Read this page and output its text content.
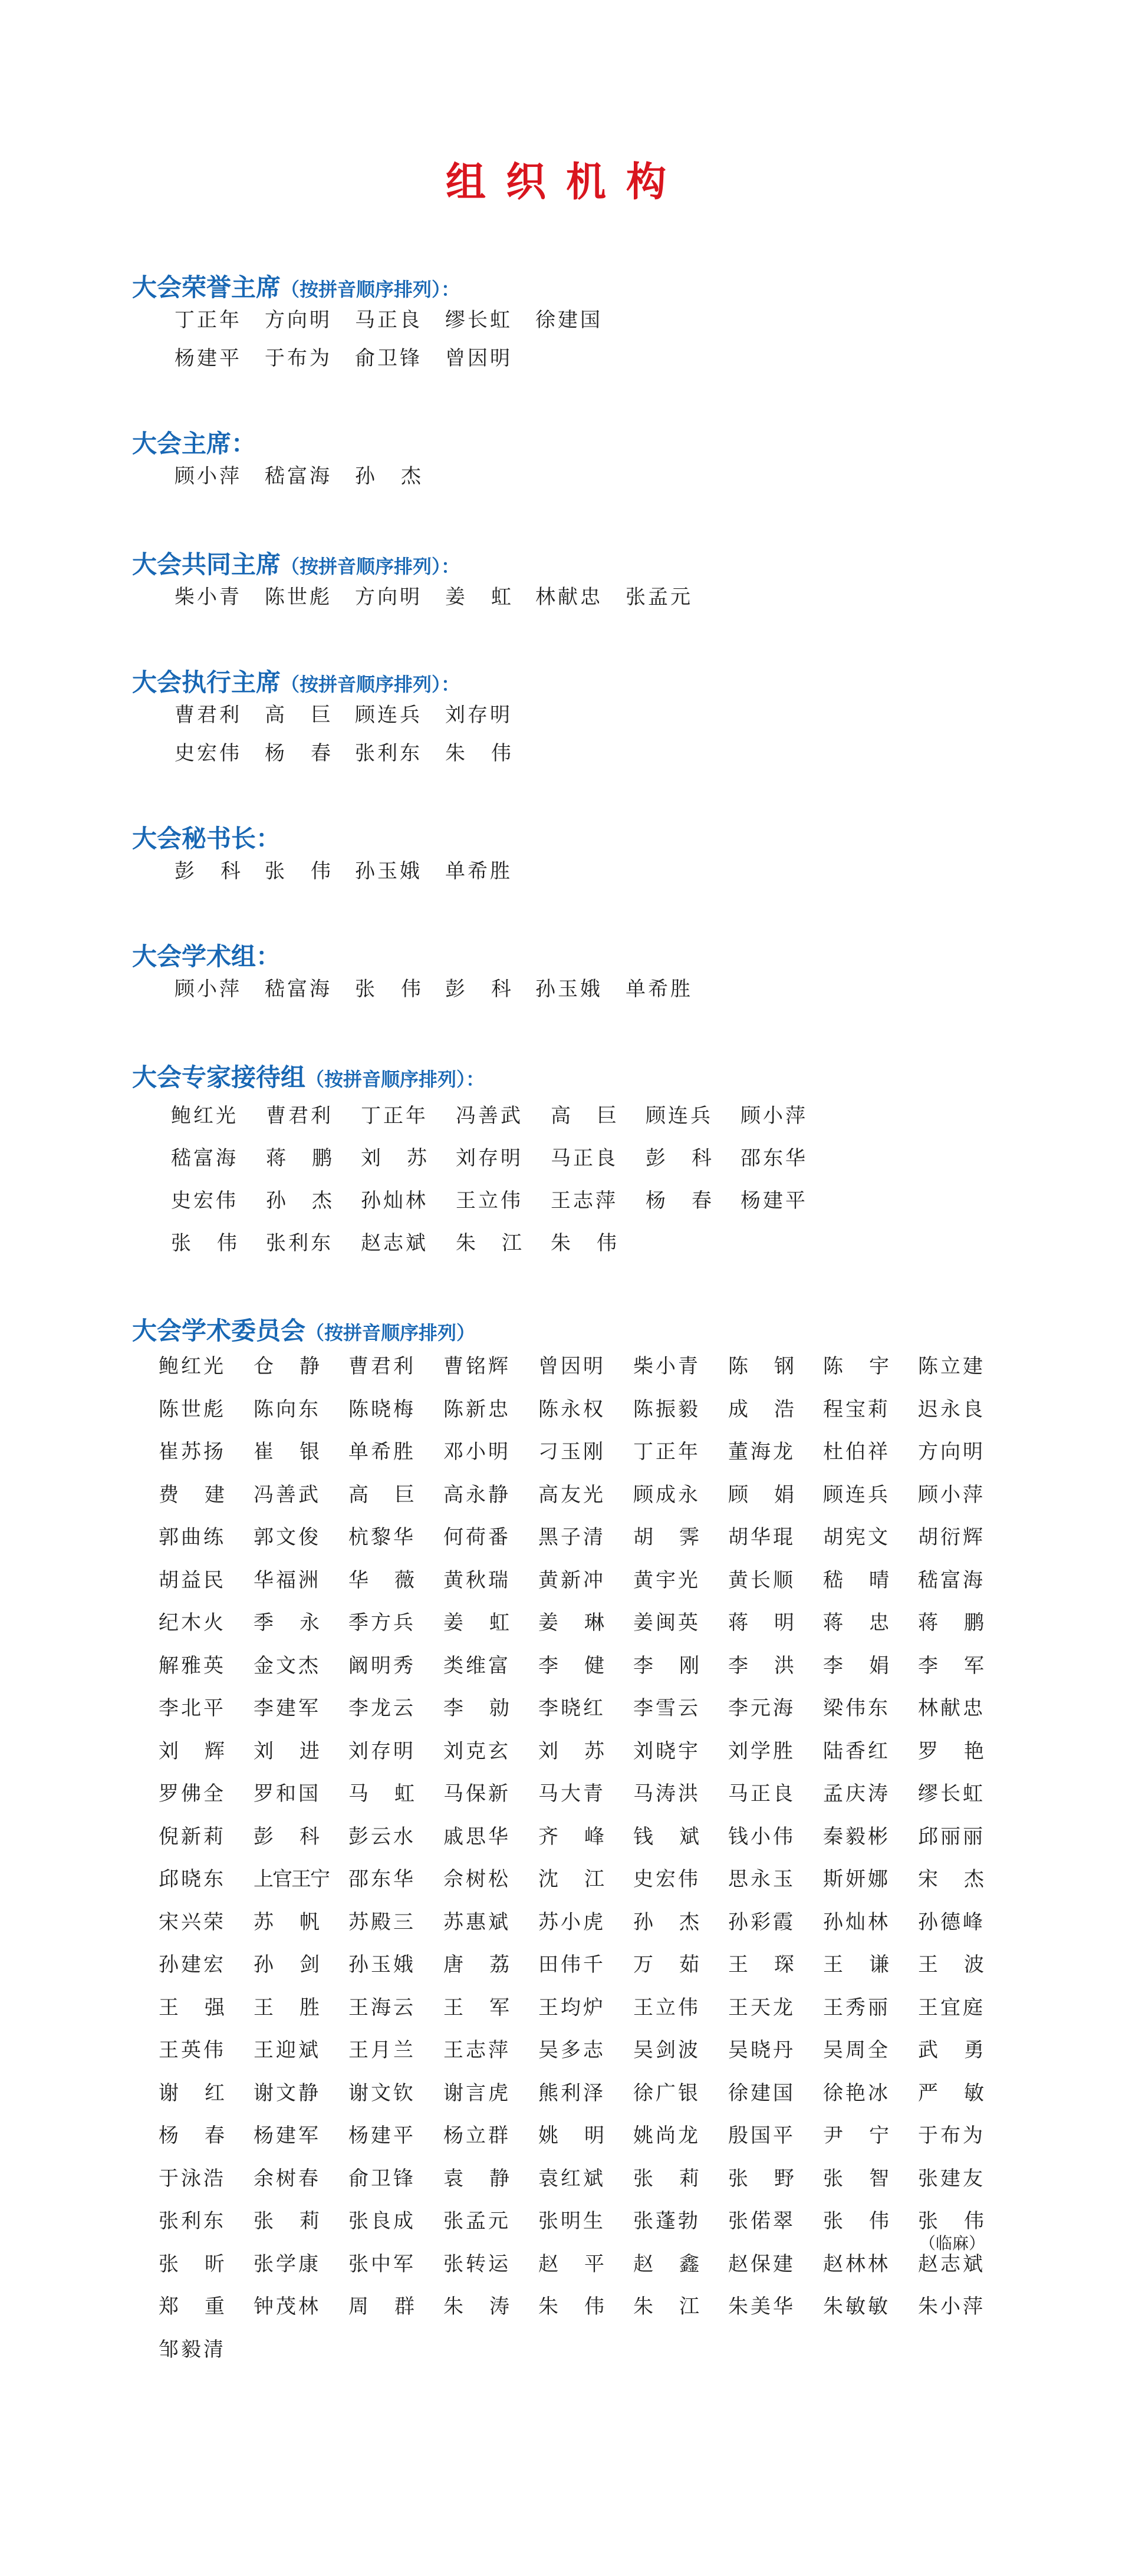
组织机构
大会荣誉主席（按拼音顺序排列）：
丁正年 方向明 马正良 缪长虹 徐建国
杨建平 于布为 俞卫锋 曾因明
大会主席：
顾小萍 嵇富海 孙杰
大会共同主席（按拼音顺序排列）：
柴小青 陈世彪 方向明 姜虹
林献忠 张孟元
大会执行主席（按拼音顺序排列）：
曹君利 高巨
顾连兵 刘存明
史宏伟 杨春
张利东 朱伟
大会秘书长：
彭科
张伟
孙玉娥 单希胜
大会学术组：
顾小萍 嵇富海 张伟
彭科
孙玉娥 单希胜
大会专家接待组（按拼音顺序排列）：
鲍红光 曹君利 丁正年 冯善武 高巨 顾连兵 顾小萍
嵇富海 蒋鹏 刘苏 刘存明 马正良 彭科 邵东华
史宏伟 孙杰 孙灿林 王立伟 王志萍 杨春 杨建平
张伟 张利东 赵志斌 朱江 朱伟
大会学术委员会（按拼音顺序排列）
鲍红光 仓静 曹君利 曹铭辉 曾因明 柴小青 陈钢 陈宇 陈立建
陈世彪 陈向东 陈晓梅 陈新忠 陈永权 陈振毅 成浩 程宝莉 迟永良
崔苏扬 崔银 单希胜 邓小明 刁玉刚 丁正年 董海龙 杜伯祥 方向明
费建 冯善武 高巨 高永静 高友光 顾成永 顾娟 顾连兵 顾小萍
郭曲练 郭文俊 杭黎华 何荷番 黑子清 胡霁 胡华琨 胡宪文 胡衍辉
胡益民 华福洲 华薇 黄秋瑞 黄新冲 黄宇光 黄长顺 嵇晴 嵇富海
纪木火 季永 季方兵 姜虹 姜琳 姜闽英 蒋明 蒋忠 蒋鹏
解雅英 金文杰 阚明秀 类维富 李健 李刚 李洪 李娟 李军
李北平 李建军 李龙云 李勍 李晓红 李雪云 李元海 梁伟东 林献忠
刘辉 刘进 刘存明 刘克玄 刘苏 刘晓宇 刘学胜 陆香红 罗艳
罗佛全 罗和国 马虹 马保新 马大青 马涛洪 马正良 孟庆涛 缪长虹
倪新莉 彭科 彭云水 戚思华 齐峰 钱斌 钱小伟 秦毅彬 邱丽丽
邱晓东 上官王宁 邵东华 佘树松 沈江 史宏伟 思永玉 斯妍娜 宋杰
宋兴荣 苏帆 苏殿三 苏惠斌 苏小虎 孙杰 孙彩霞 孙灿林 孙德峰
孙建宏 孙剑 孙玉娥 唐荔 田伟千 万茹 王琛 王谦 王波
王强 王胜 王海云 王军 王均炉 王立伟 王天龙 王秀丽 王宜庭
王英伟 王迎斌 王月兰 王志萍 吴多志 吴剑波 吴晓丹 吴周全 武勇
谢红 谢文静 谢文钦 谢言虎 熊利泽 徐广银 徐建国 徐艳冰 严敏
杨春 杨建军 杨建平 杨立群 姚明 姚尚龙 殷国平 尹宁 于布为
于泳浩 余树春 俞卫锋 袁静 袁红斌 张莉 张野 张智 张建友
张利东 张莉 张良成 张孟元 张明生 张蓬勃 张偌翠 张伟 张伟
张昕 张学康 张中军 张转运 赵平 赵鑫 赵保建 赵林林 赵志斌
郑重 钟茂林 周群 朱涛 朱伟 朱江 朱美华 朱敏敏 朱小萍
邹毅清
（临麻）
